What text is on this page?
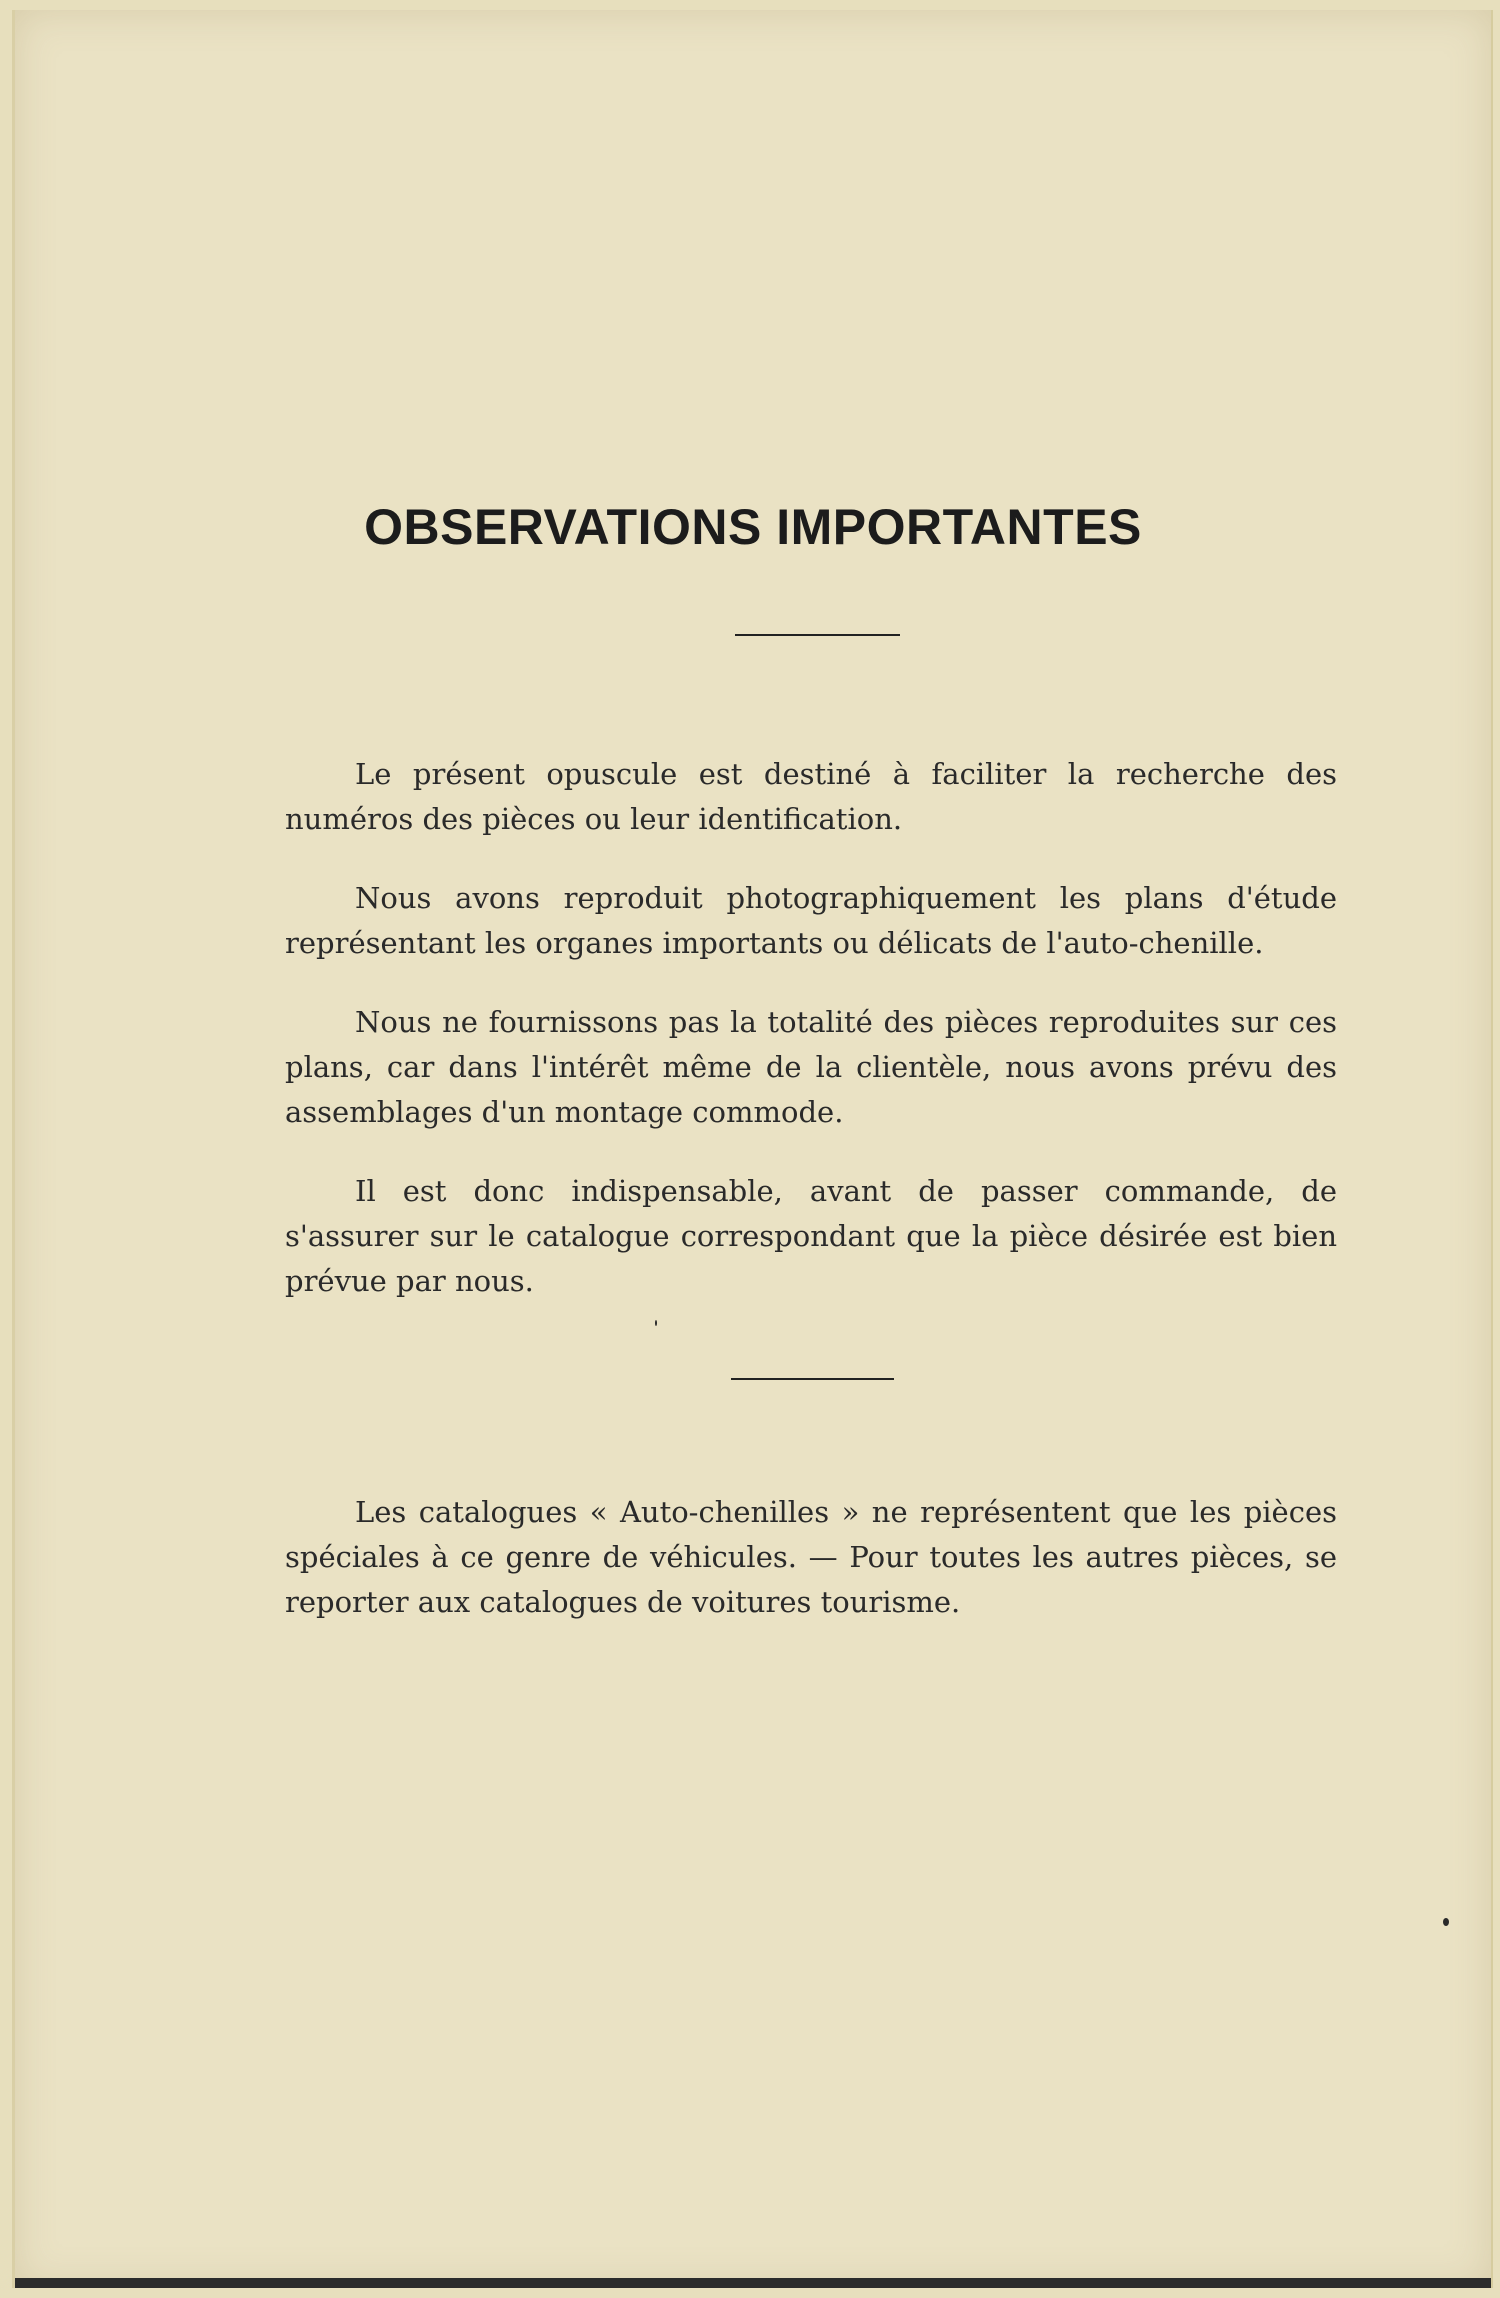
OBSERVATIONS IMPORTANTES

Le présent opuscule est destiné à faciliter la recherche des numéros des pièces ou leur identification.

Nous avons reproduit photographiquement les plans d'étude représentant les organes importants ou délicats de l'auto-chenille.

Nous ne fournissons pas la totalité des pièces reproduites sur ces plans, car dans l'intérêt même de la clientèle, nous avons prévu des assemblages d'un montage commode.

Il est donc indispensable, avant de passer commande, de s'assurer sur le catalogue correspondant que la pièce désirée est bien prévue par nous.

Les catalogues « Auto-chenilles » ne représentent que les pièces spéciales à ce genre de véhicules. — Pour toutes les autres pièces, se reporter aux catalogues de voitures tourisme.
